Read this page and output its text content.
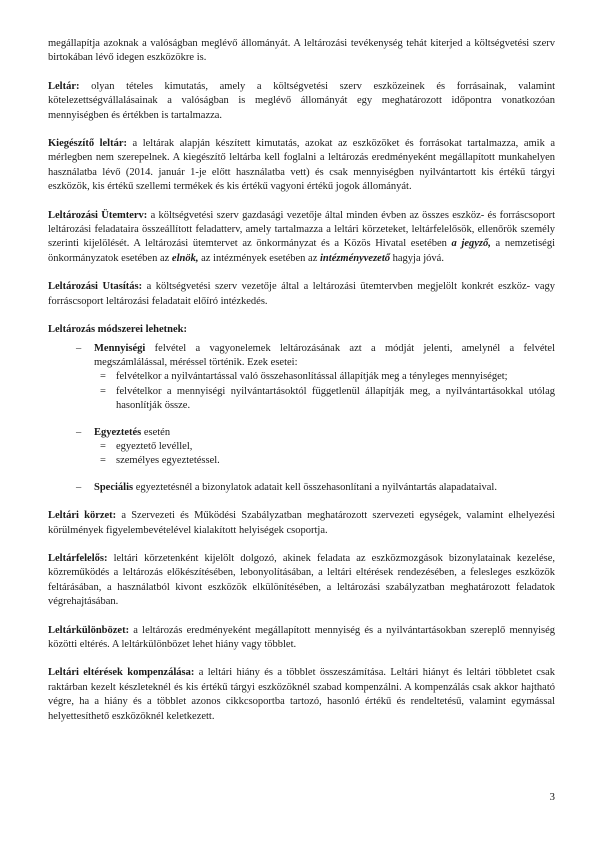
megállapítja azoknak a valóságban meglévő állományát. A leltározási tevékenység tehát kiterjed a költségvetési szerv birtokában lévő idegen eszközökre is.

Leltár: olyan tételes kimutatás, amely a költségvetési szerv eszközeinek és forrásainak, valamint kötelezettségvállalásainak a valóságban is meglévő állományát egy meghatározott időpontra vonatkozóan mennyiségben és értékben is tartalmazza.

Kiegészítő leltár: a leltárak alapján készített kimutatás, azokat az eszközöket és forrásokat tartalmazza, amik a mérlegben nem szerepelnek. A kiegészítő leltárba kell foglalni a leltározás eredményeként megállapított munkahelyen használatba lévő (2014. január 1-je előtt használatba vett) és csak mennyiségben nyilvántartott kis értékű tárgyi eszközök, kis értékű szellemi termékek és kis értékű vagyoni értékű jogok állományát.

Leltározási Ütemterv: a költségvetési szerv gazdasági vezetője által minden évben az összes eszköz- és forráscsoport leltározási feladataira összeállított feladatterv, amely tartalmazza a leltári körzeteket, leltárfelelősök, ellenőrök személy szerinti kijelölését. A leltározási ütemtervet az önkormányzat és a Közös Hivatal esetében a jegyző, a nemzetiségi önkormányzatok esetében az elnök, az intézmények esetében az intézményvezető hagyja jóvá.

Leltározási Utasítás: a költségvetési szerv vezetője által a leltározási ütemtervben megjelölt konkrét eszköz- vagy forráscsoport leltározási feladatait előíró intézkedés.

Leltározás módszerei lehetnek:

– Mennyiségi felvétel a vagyonelemek leltározásának azt a módját jelenti, amelynél a felvétel megszámlálással, méréssel történik. Ezek esetei:

= felvételkor a nyilvántartással való összehasonlítással állapítják meg a tényleges mennyiséget;
= felvételkor a mennyiségi nyilvántartásoktól függetlenül állapítják meg, a nyilvántartásokkal utólag hasonlítják össze.
– Egyeztetés esetén

= egyeztető levéllel,
= személyes egyeztetéssel.
– Speciális egyeztetésnél a bizonylatok adatait kell összehasonlítani a nyilvántartás alapadataival.

Leltári körzet: a Szervezeti és Működési Szabályzatban meghatározott szervezeti egységek, valamint elhelyezési körülmények figyelembevételével kialakított helyiségek csoportja.

Leltárfelelős: leltári körzetenként kijelölt dolgozó, akinek feladata az eszközmozgások bizonylatainak kezelése, közreműködés a leltározás előkészítésében, lebonyolításában, a leltári eltérések rendezésében, a felesleges eszközök feltárásában, a használatból kivont eszközök elkülönítésében, a leltározási szabályzatban meghatározott feladatok végrehajtásában.

Leltárkülönbözet: a leltározás eredményeként megállapított mennyiség és a nyilvántartásokban szereplő mennyiség közötti eltérés. A leltárkülönbözet lehet hiány vagy többlet.

Leltári eltérések kompenzálása: a leltári hiány és a többlet összeszámítása. Leltári hiányt és leltári többletet csak raktárban kezelt készleteknél és kis értékű tárgyi eszközöknél szabad kompenzálni. A kompenzálás csak akkor hajtható végre, ha a hiány és a többlet azonos cikkcsoportba tartozó, hasonló értékű és rendeltetésű, valamint egymással helyettesíthető eszközöknél keletkezett.

3
